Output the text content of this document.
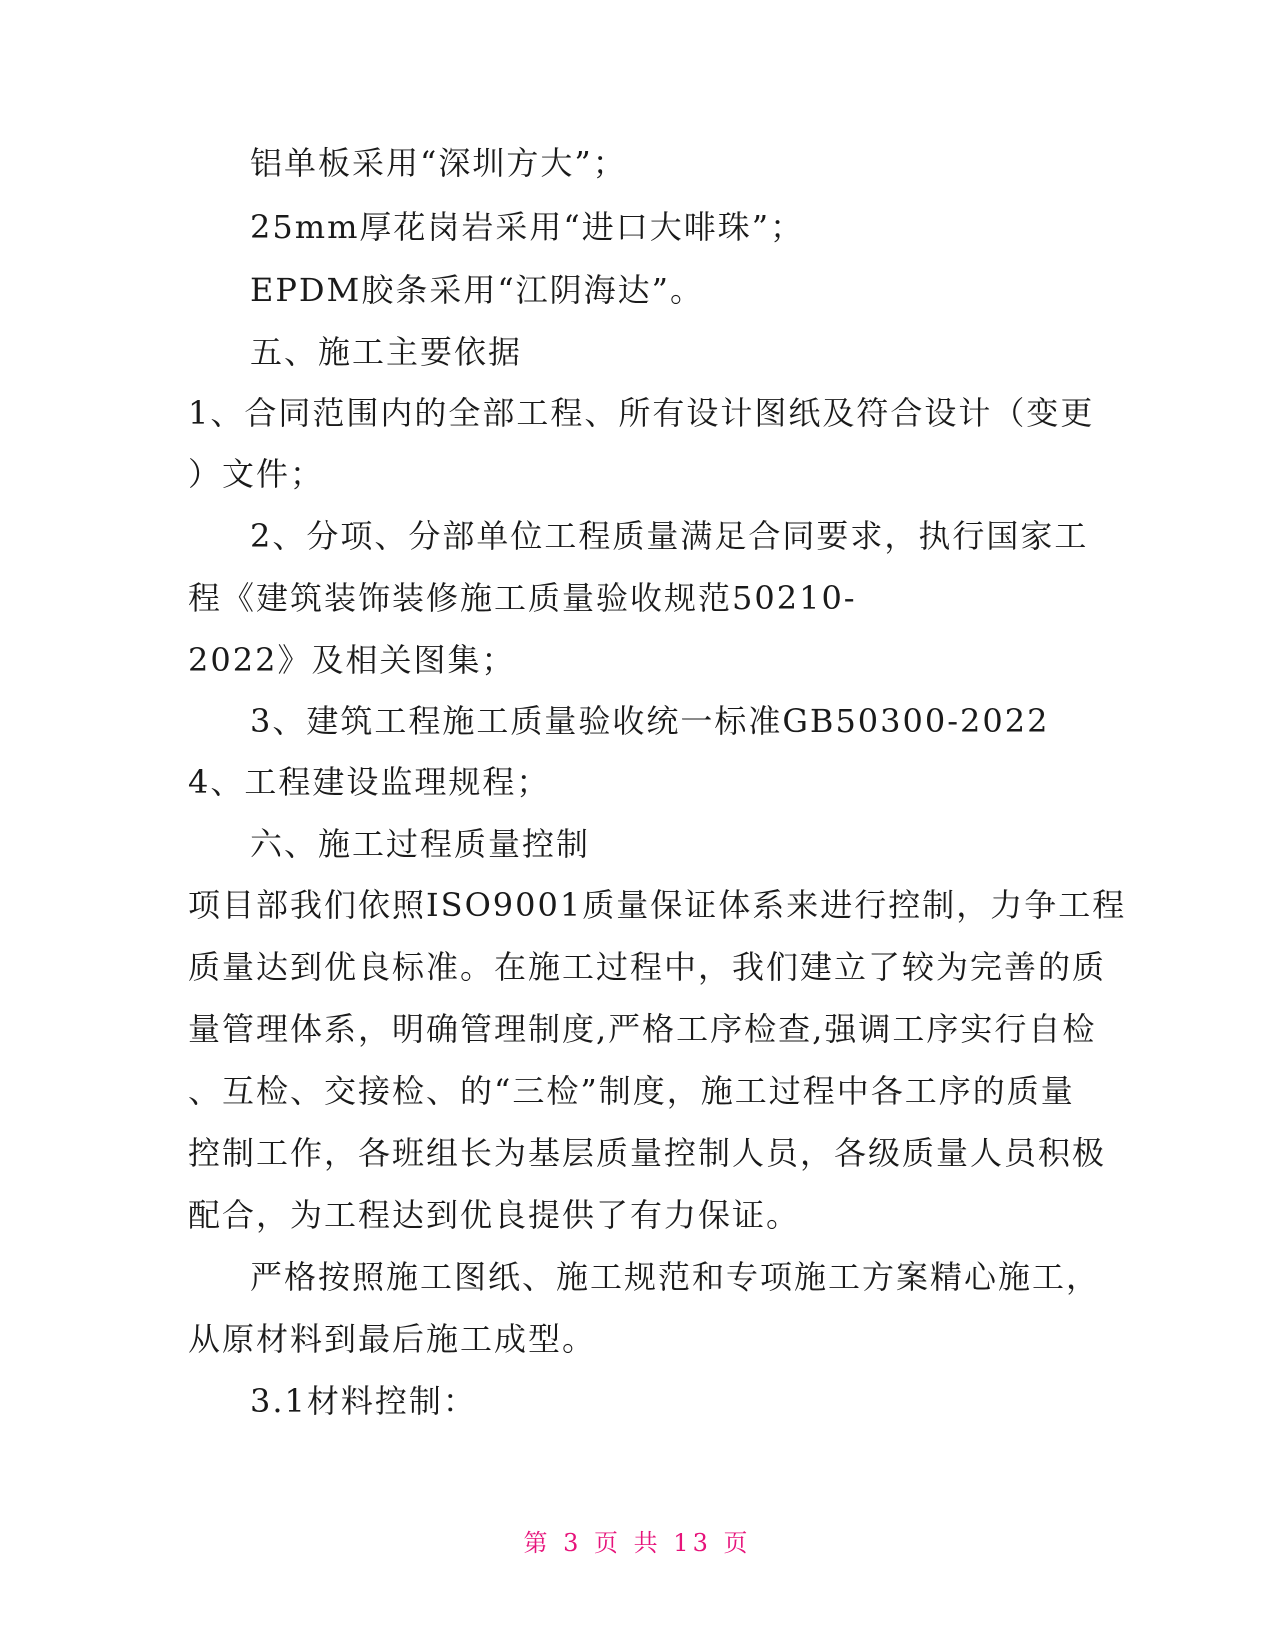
铝单板采用“深圳方大”；

25mm厚花岗岩采用“进口大啡珠”；

EPDM胶条采用“江阴海达”。

五、施工主要依据

1、合同范围内的全部工程、所有设计图纸及符合设计（变更

）文件；

2、分项、分部单位工程质量满足合同要求，执行国家工

程《建筑装饰装修施工质量验收规范50210-

2022》及相关图集；

3、建筑工程施工质量验收统一标准GB50300-2022

4、工程建设监理规程；

六、施工过程质量控制

项目部我们依照ISO9001质量保证体系来进行控制，力争工程

质量达到优良标准。在施工过程中，我们建立了较为完善的质

量管理体系，明确管理制度,严格工序检查,强调工序实行自检

、互检、交接检、的“三检”制度，施工过程中各工序的质量

控制工作，各班组长为基层质量控制人员，各级质量人员积极

配合，为工程达到优良提供了有力保证。

严格按照施工图纸、施工规范和专项施工方案精心施工，

从原材料到最后施工成型。

3.1材料控制：

第 3 页 共 13 页
